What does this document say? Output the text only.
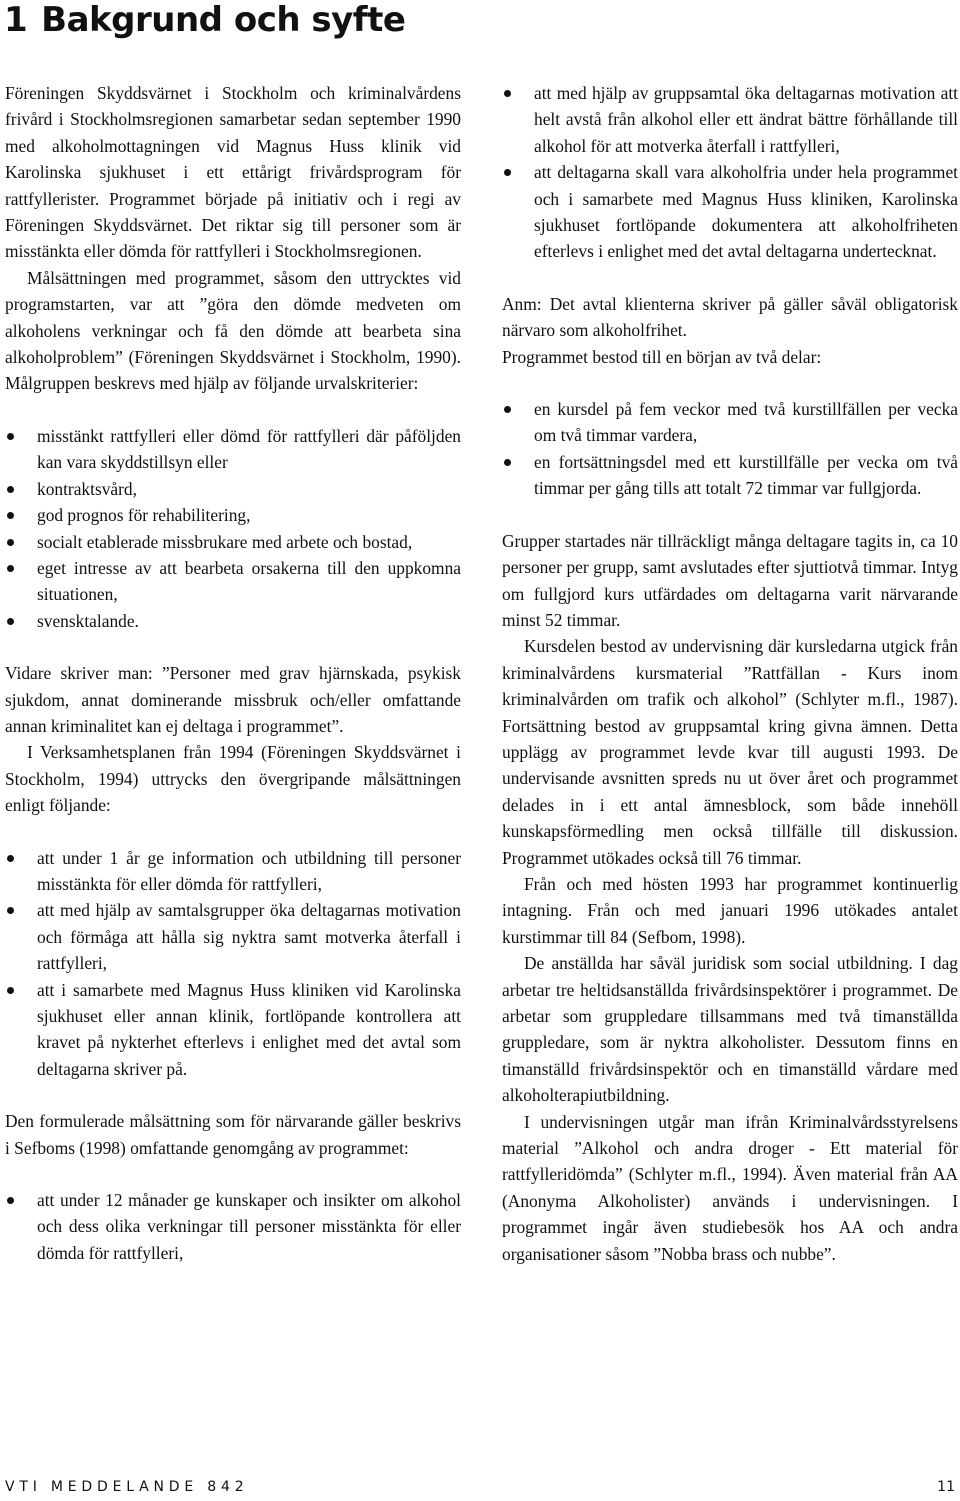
1 Bakgrund och syfte

Föreningen Skyddsvärnet i Stockholm och kriminalvårdens frivård i Stockholmsregionen samarbetar sedan september 1990 med alkoholmottagningen vid Magnus Huss klinik vid Karolinska sjukhuset i ett ettårigt frivårdsprogram för rattfyllerister. Programmet började på initiativ och i regi av Föreningen Skyddsvärnet. Det riktar sig till personer som är misstänkta eller dömda för rattfylleri i Stockholmsregionen.

Målsättningen med programmet, såsom den uttrycktes vid programstarten, var att ”göra den dömde medveten om alkoholens verkningar och få den dömde att bearbeta sina alkoholproblem” (Föreningen Skyddsvärnet i Stockholm, 1990). Målgruppen beskrevs med hjälp av följande urvalskriterier:

misstänkt rattfylleri eller dömd för rattfylleri där påföljden kan vara skyddstillsyn eller
kontraktsvård,
god prognos för rehabilitering,
socialt etablerade missbrukare med arbete och bostad,
eget intresse av att bearbeta orsakerna till den uppkomna situationen,
svensktalande.

Vidare skriver man: ”Personer med grav hjärnskada, psykisk sjukdom, annat dominerande missbruk och/eller omfattande annan kriminalitet kan ej deltaga i programmet”.

I Verksamhetsplanen från 1994 (Föreningen Skyddsvärnet i Stockholm, 1994) uttrycks den övergripande målsättningen enligt följande:

att under 1 år ge information och utbildning till personer misstänkta för eller dömda för rattfylleri,
att med hjälp av samtalsgrupper öka deltagarnas motivation och förmåga att hålla sig nyktra samt motverka återfall i rattfylleri,
att i samarbete med Magnus Huss kliniken vid Karolinska sjukhuset eller annan klinik, fortlöpande kontrollera att kravet på nykterhet efterlevs i enlighet med det avtal som deltagarna skriver på.

Den formulerade målsättning som för närvarande gäller beskrivs i Sefboms (1998) omfattande genomgång av programmet:

att under 12 månader ge kunskaper och insikter om alkohol och dess olika verkningar till personer misstänkta för eller dömda för rattfylleri,
att med hjälp av gruppsamtal öka deltagarnas motivation att helt avstå från alkohol eller ett ändrat bättre förhållande till alkohol för att motverka återfall i rattfylleri,
att deltagarna skall vara alkoholfria under hela programmet och i samarbete med Magnus Huss kliniken, Karolinska sjukhuset fortlöpande dokumentera att alkoholfriheten efterlevs i enlighet med det avtal deltagarna undertecknat.

Anm: Det avtal klienterna skriver på gäller såväl obligatorisk närvaro som alkoholfrihet.

Programmet bestod till en början av två delar:

en kursdel på fem veckor med två kurstillfällen per vecka om två timmar vardera,
en fortsättningsdel med ett kurstillfälle per vecka om två timmar per gång tills att totalt 72 timmar var fullgjorda.

Grupper startades när tillräckligt många deltagare tagits in, ca 10 personer per grupp, samt avslutades efter sjuttiotvå timmar. Intyg om fullgjord kurs utfärdades om deltagarna varit närvarande minst 52 timmar.

Kursdelen bestod av undervisning där kursledarna utgick från kriminalvårdens kursmaterial ”Rattfällan - Kurs inom kriminalvården om trafik och alkohol” (Schlyter m.fl., 1987). Fortsättning bestod av gruppsamtal kring givna ämnen. Detta upplägg av programmet levde kvar till augusti 1993. De undervisande avsnitten spreds nu ut över året och programmet delades in i ett antal ämnesblock, som både innehöll kunskapsförmedling men också tillfälle till diskussion. Programmet utökades också till 76 timmar.

Från och med hösten 1993 har programmet kontinuerlig intagning. Från och med januari 1996 utökades antalet kurstimmar till 84 (Sefbom, 1998).

De anställda har såväl juridisk som social utbildning. I dag arbetar tre heltidsanställda frivårdsinspektörer i programmet. De arbetar som gruppledare tillsammans med två timanställda gruppledare, som är nyktra alkoholister. Dessutom finns en timanställd frivårdsinspektör och en timanställd vårdare med alkoholterapiutbildning.

I undervisningen utgår man ifrån Kriminalvårdsstyrelsens material ”Alkohol och andra droger - Ett material för rattfylleridömda” (Schlyter m.fl., 1994). Även material från AA (Anonyma Alkoholister) används i undervisningen. I programmet ingår även studiebesök hos AA och andra organisationer såsom ”Nobba brass och nubbe”.

VTI MEDDELANDE 842	11
